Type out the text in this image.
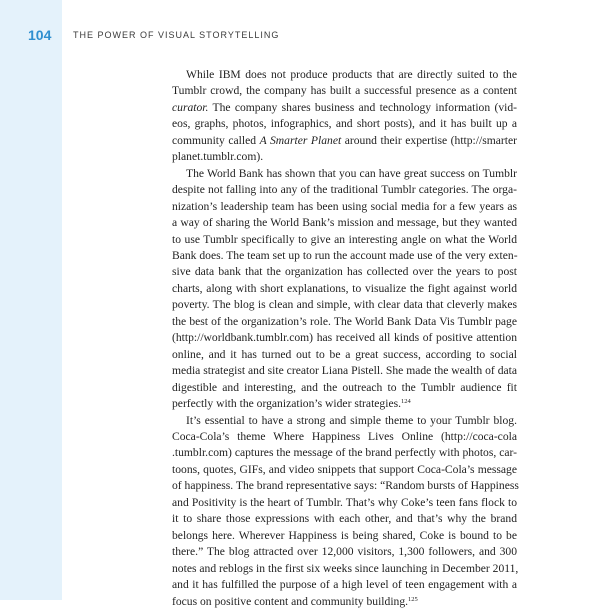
104 THE POWER OF VISUAL STORYTELLING
While IBM does not produce products that are directly suited to the
Tumblr crowd, the company has built a successful presence as a content
curator. The company shares business and technology information (vid-
eos, graphs, photos, infographics, and short posts), and it has built up a
community called A Smarter Planet around their expertise (http://smarter
planet.tumblr.com).
The World Bank has shown that you can have great success on Tumblr
despite not falling into any of the traditional Tumblr categories. The orga-
nization’s leadership team has been using social media for a few years as
a way of sharing the World Bank’s mission and message, but they wanted
to use Tumblr specifically to give an interesting angle on what the World
Bank does. The team set up to run the account made use of the very exten-
sive data bank that the organization has collected over the years to post
charts, along with short explanations, to visualize the fight against world
poverty. The blog is clean and simple, with clear data that cleverly makes
the best of the organization’s role. The World Bank Data Vis Tumblr page
(http://worldbank.tumblr.com) has received all kinds of positive attention
online, and it has turned out to be a great success, according to social
media strategist and site creator Liana Pistell. She made the wealth of data
digestible and interesting, and the outreach to the Tumblr audience fit
perfectly with the organization’s wider strategies.$^{124}$
It’s essential to have a strong and simple theme to your Tumblr blog.
Coca-Cola’s theme Where Happiness Lives Online (http://coca-cola
.tumblr.com) captures the message of the brand perfectly with photos, car-
toons, quotes, GIFs, and video snippets that support Coca-Cola’s message
of happiness. The brand representative says: “Random bursts of Happiness
and Positivity is the heart of Tumblr. That’s why Coke’s teen fans flock to
it to share those expressions with each other, and that’s why the brand
belongs here. Wherever Happiness is being shared, Coke is bound to be
there.” The blog attracted over 12,000 visitors, 1,300 followers, and 300
notes and reblogs in the first six weeks since launching in December 2011,
and it has fulfilled the purpose of a high level of teen engagement with a
focus on positive content and community building.$^{125}$
